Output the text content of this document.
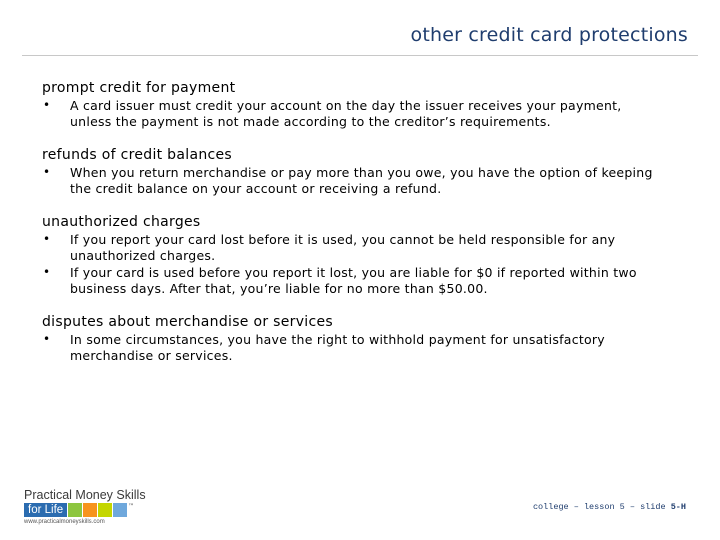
other credit card protections
prompt credit for payment
• A card issuer must credit your account on the day the issuer receives your payment, unless the payment is not made according to the creditor’s requirements.
refunds of credit balances
• When you return merchandise or pay more than you owe, you have the option of keeping the credit balance on your account or receiving a refund.
unauthorized charges
• If you report your card lost before it is used, you cannot be held responsible for any unauthorized charges.
• If your card is used before you report it lost, you are liable for $0 if reported within two business days. After that, you’re liable for no more than $50.00.
disputes about merchandise or services
• In some circumstances, you have the right to withhold payment for unsatisfactory merchandise or services.
Practical Money Skills
for Life	™
www.practicalmoneyskills.com
college – lesson 5 – slide 5-H
